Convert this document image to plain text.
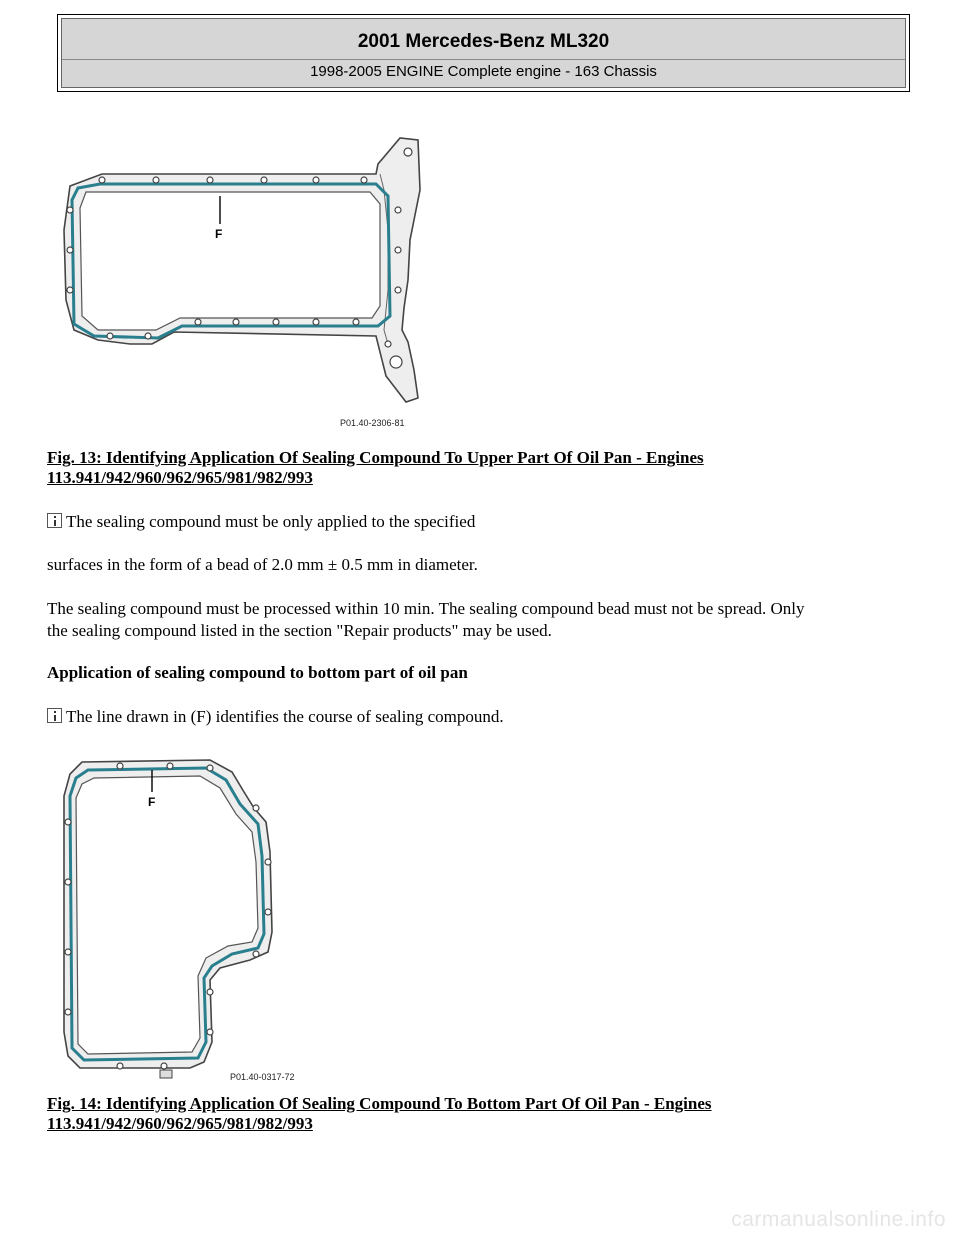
2001 Mercedes-Benz ML320
1998-2005 ENGINE Complete engine - 163 Chassis
F
P01.40-2306-81
Fig. 13: Identifying Application Of Sealing Compound To Upper Part Of Oil Pan - Engines
113.941/942/960/962/965/981/982/993
The sealing compound must be only applied to the specified
surfaces in the form of a bead of 2.0 mm ± 0.5 mm in diameter.
The sealing compound must be processed within 10 min. The sealing compound bead must not be spread. Only
the sealing compound listed in the section "Repair products" may be used.
Application of sealing compound to bottom part of oil pan
The line drawn in (F) identifies the course of sealing compound.
F
P01.40-0317-72
Fig. 14: Identifying Application Of Sealing Compound To Bottom Part Of Oil Pan - Engines
113.941/942/960/962/965/981/982/993
carmanualsonline.info
